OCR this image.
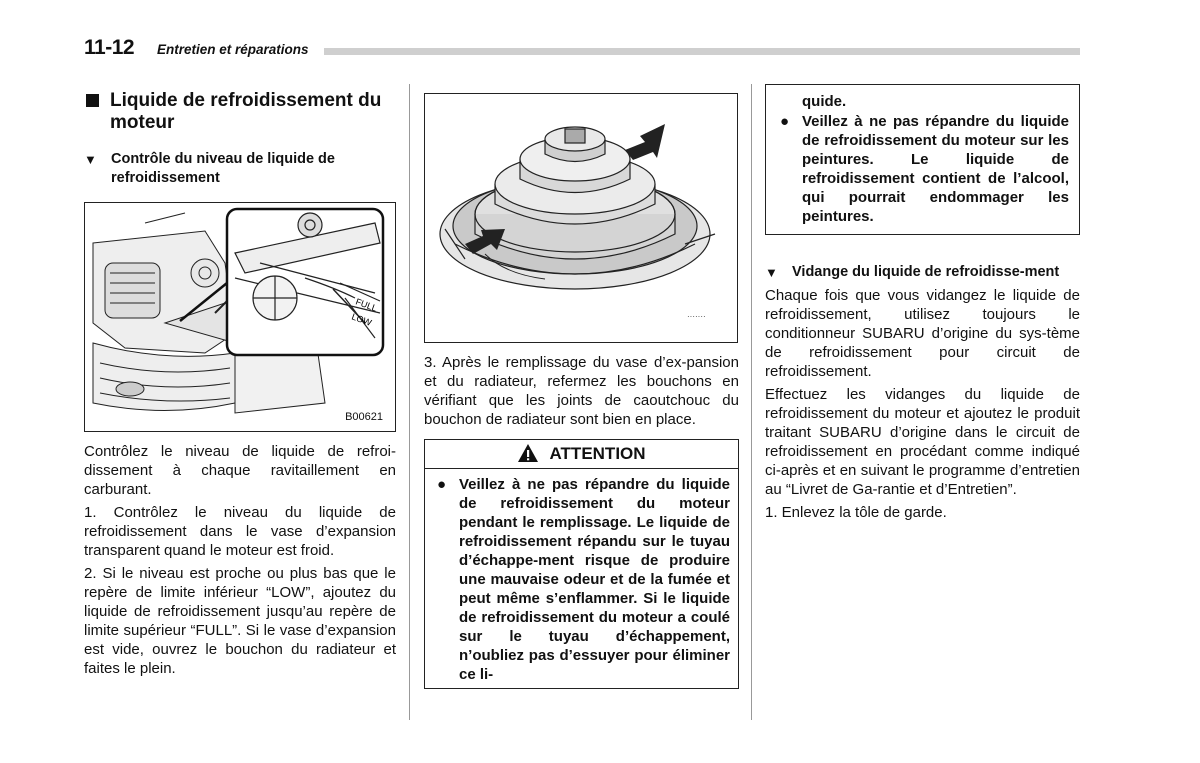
11-12 Entretien et réparations
Liquide de refroidissement du moteur
▼ Contrôle du niveau de liquide de refroidissement
FULL
LOW
B00621

Contrôlez le niveau de liquide de refroi-dissement à chaque ravitaillement en carburant.

1. Contrôlez le niveau du liquide de refroidissement dans le vase d’expansion transparent quand le moteur est froid.

2. Si le niveau est proche ou plus bas que le repère de limite inférieur “LOW”, ajoutez du liquide de refroidissement jusqu’au repère de limite supérieur “FULL”. Si le vase d’expansion est vide, ouvrez le bouchon du radiateur et faites le plein.

·······

3. Après le remplissage du vase d’ex-pansion et du radiateur, refermez les bouchons en vérifiant que les joints de caoutchouc du bouchon de radiateur sont bien en place.

ATTENTION
● Veillez à ne pas répandre du liquide de refroidissement du moteur pendant le remplissage. Le liquide de refroidissement répandu sur le tuyau d’échappe-ment risque de produire une mauvaise odeur et de la fumée et peut même s’enflammer. Si le liquide de refroidissement du moteur a coulé sur le tuyau d’échappement, n’oubliez pas d’essuyer pour éliminer ce li-
quide.
● Veillez à ne pas répandre du liquide de refroidissement du moteur sur les peintures. Le liquide de refroidissement contient de l’alcool, qui pourrait endommager les peintures.
▼ Vidange du liquide de refroidisse-ment

Chaque fois que vous vidangez le liquide de refroidissement, utilisez toujours le conditionneur SUBARU d’origine du sys-tème de refroidissement pour circuit de refroidissement.

Effectuez les vidanges du liquide de refroidissement du moteur et ajoutez le produit traitant SUBARU d’origine dans le circuit de refroidissement en procédant comme indiqué ci-après et en suivant le programme d’entretien au “Livret de Ga-rantie et d’Entretien”.

1. Enlevez la tôle de garde.
